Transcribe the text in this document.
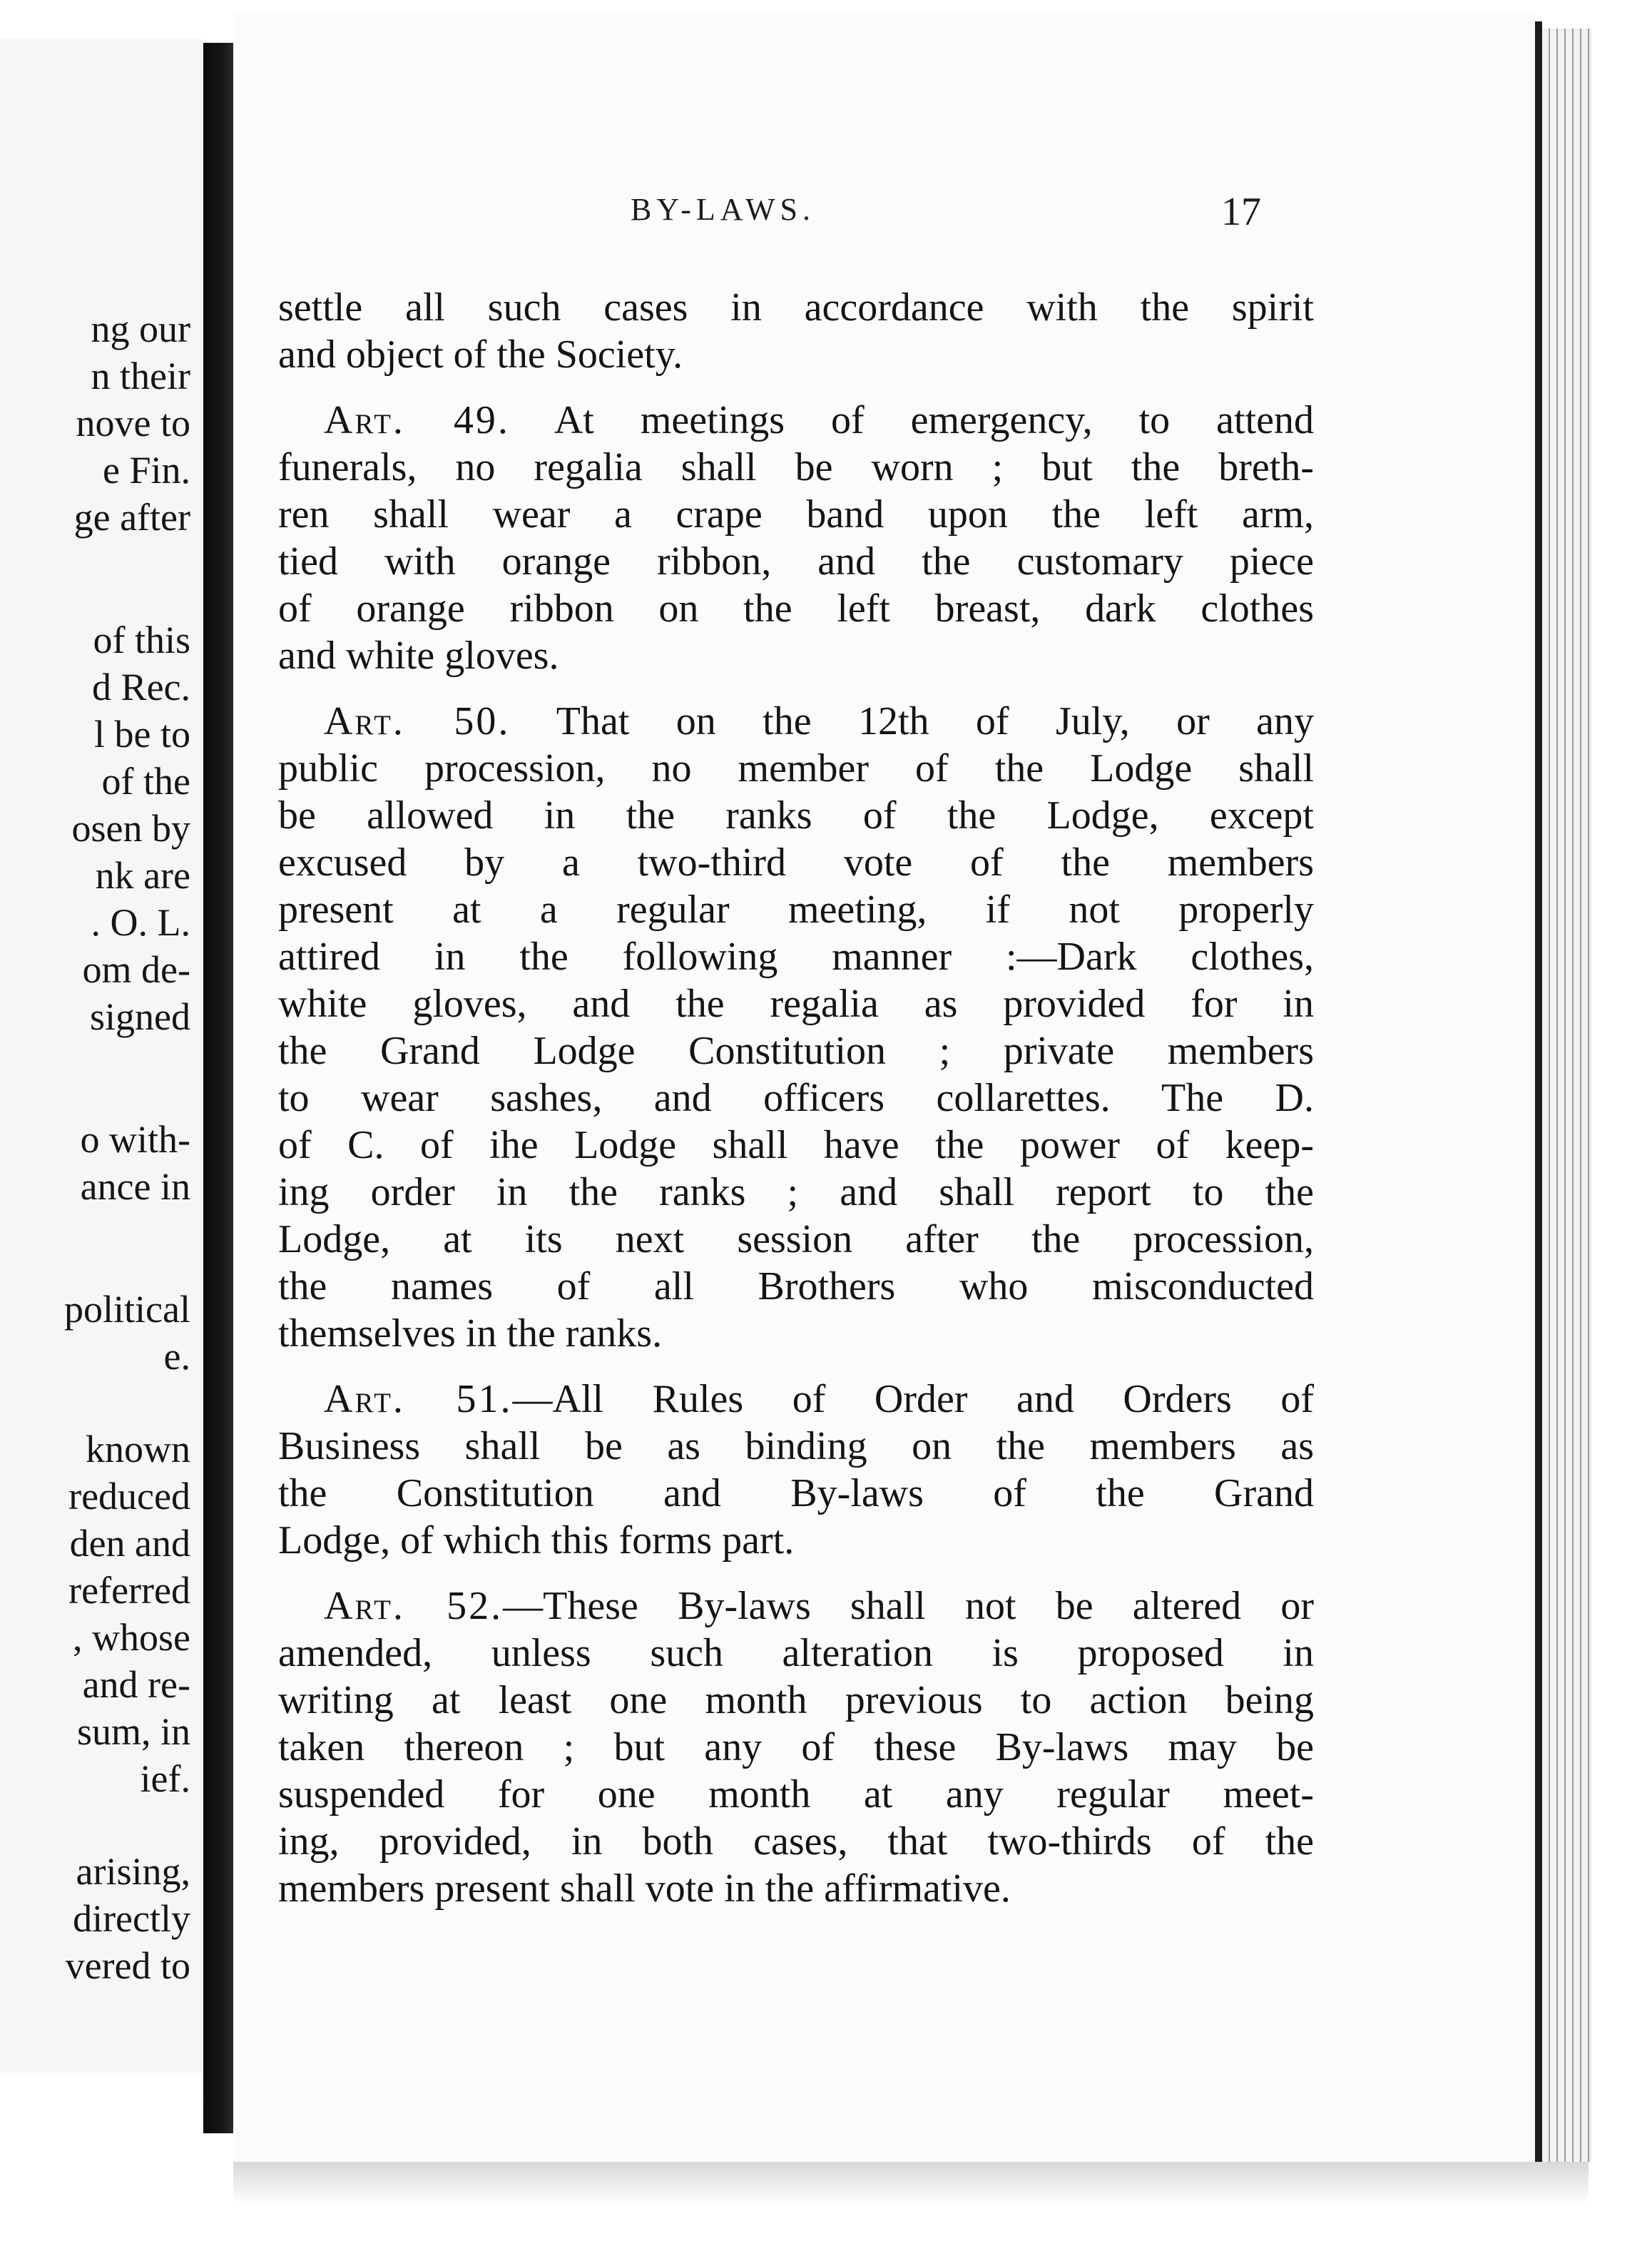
ng our
n their
nove to
e Fin.
ge after
of this
d Rec.
l be to
of the
osen by
nk are
. O. L.
om de-
signed
o with-
ance in
political
e.
known
reduced
den and
referred
, whose
and re-
sum, in
ief.
arising,
directly
vered to
BY-LAWS.	17
settle all such cases in accordance with the spirit
and object of the Society.
Art. 49. At meetings of emergency, to attend
funerals, no regalia shall be worn ; but the breth-
ren shall wear a crape band upon the left arm,
tied with orange ribbon, and the customary piece
of orange ribbon on the left breast, dark clothes
and white gloves.
Art. 50. That on the 12th of July, or any
public procession, no member of the Lodge shall
be allowed in the ranks of the Lodge, except
excused by a two-third vote of the members
present at a regular meeting, if not properly
attired in the following manner :—Dark clothes,
white gloves, and the regalia as provided for in
the Grand Lodge Constitution ; private members
to wear sashes, and officers collarettes. The D.
of C. of ihe Lodge shall have the power of keep-
ing order in the ranks ; and shall report to the
Lodge, at its next session after the procession,
the names of all Brothers who misconducted
themselves in the ranks.
Art. 51.—All Rules of Order and Orders of
Business shall be as binding on the members as
the Constitution and By-laws of the Grand
Lodge, of which this forms part.
Art. 52.—These By-laws shall not be altered or
amended, unless such alteration is proposed in
writing at least one month previous to action being
taken thereon ; but any of these By-laws may be
suspended for one month at any regular meet-
ing, provided, in both cases, that two-thirds of the
members present shall vote in the affirmative.
